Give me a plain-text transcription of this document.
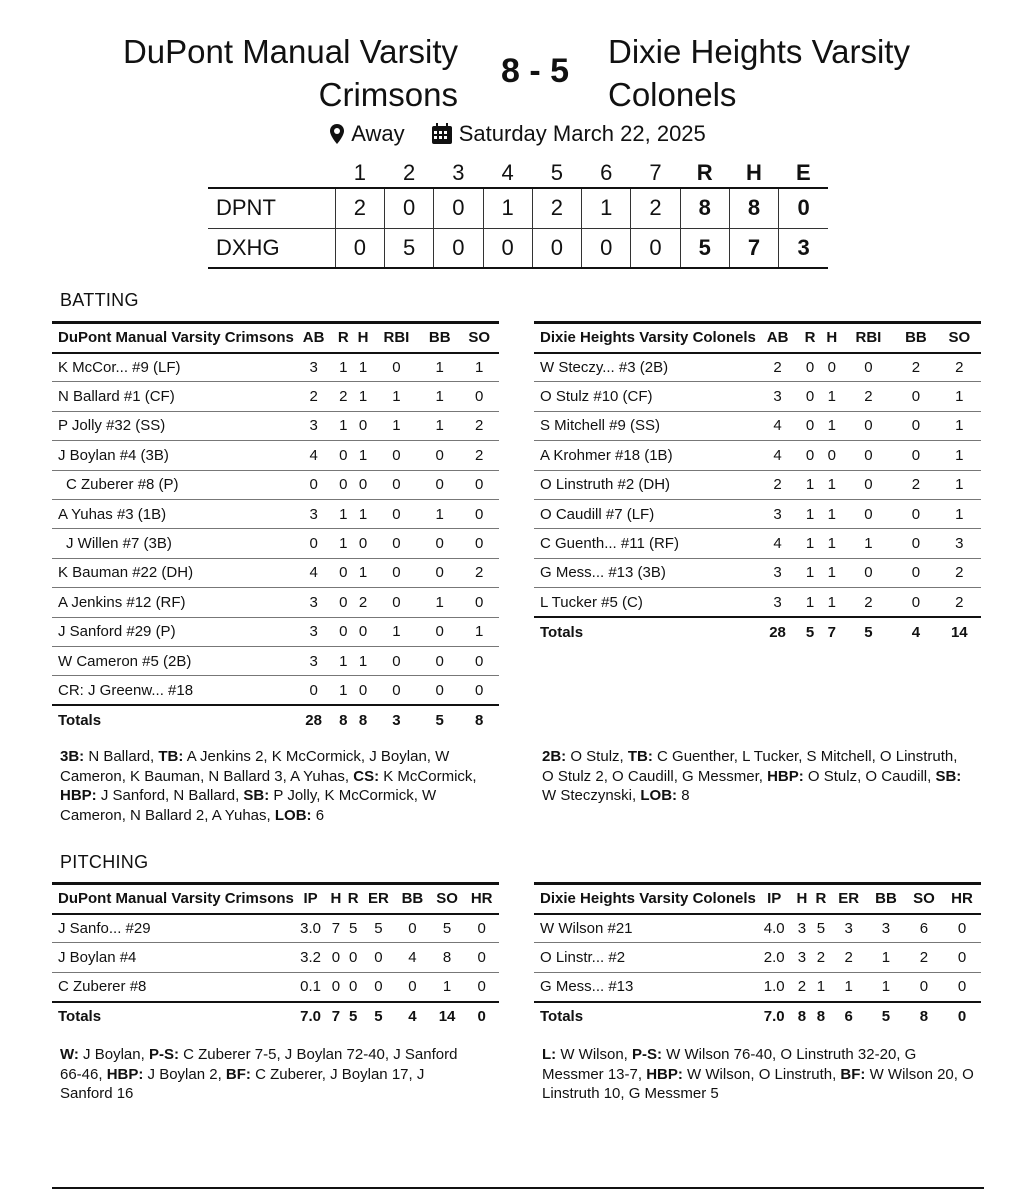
DuPont Manual Varsity
Crimsons
8 - 5
Dixie Heights Varsity
Colonels
Away
Saturday March 22, 2025
	1	2	3	4	5	6	7	R	H	E
DPNT	2	0	0	1	2	1	2	8	8	0
DXHG	0	5	0	0	0	0	0	5	7	3
BATTING
DuPont Manual Varsity Crimsons	AB	R	H	RBI	BB	SO
K McCor... #9 (LF)	3	1	1	0	1	1
N Ballard #1 (CF)	2	2	1	1	1	0
P Jolly #32 (SS)	3	1	0	1	1	2
J Boylan #4 (3B)	4	0	1	0	0	2
C Zuberer #8 (P)	0	0	0	0	0	0
A Yuhas #3 (1B)	3	1	1	0	1	0
J Willen #7 (3B)	0	1	0	0	0	0
K Bauman #22 (DH)	4	0	1	0	0	2
A Jenkins #12 (RF)	3	0	2	0	1	0
J Sanford #29 (P)	3	0	0	1	0	1
W Cameron #5 (2B)	3	1	1	0	0	0
CR: J Greenw... #18	0	1	0	0	0	0
Totals	28	8	8	3	5	8
Dixie Heights Varsity Colonels	AB	R	H	RBI	BB	SO
W Steczy... #3 (2B)	2	0	0	0	2	2
O Stulz #10 (CF)	3	0	1	2	0	1
S Mitchell #9 (SS)	4	0	1	0	0	1
A Krohmer #18 (1B)	4	0	0	0	0	1
O Linstruth #2 (DH)	2	1	1	0	2	1
O Caudill #7 (LF)	3	1	1	0	0	1
C Guenth... #11 (RF)	4	1	1	1	0	3
G Mess... #13 (3B)	3	1	1	0	0	2
L Tucker #5 (C)	3	1	1	2	0	2
Totals	28	5	7	5	4	14
3B: N Ballard, TB: A Jenkins 2, K McCormick, J Boylan, W Cameron, K Bauman, N Ballard 3, A Yuhas, CS: K McCormick, HBP: J Sanford, N Ballard, SB: P Jolly, K McCormick, W Cameron, N Ballard 2, A Yuhas, LOB: 6
2B: O Stulz, TB: C Guenther, L Tucker, S Mitchell, O Linstruth, O Stulz 2, O Caudill, G Messmer, HBP: O Stulz, O Caudill, SB: W Steczynski, LOB: 8
PITCHING
DuPont Manual Varsity Crimsons	IP	H	R	ER	BB	SO	HR
J Sanfo... #29	3.0	7	5	5	0	5	0
J Boylan #4	3.2	0	0	0	4	8	0
C Zuberer #8	0.1	0	0	0	0	1	0
Totals	7.0	7	5	5	4	14	0
Dixie Heights Varsity Colonels	IP	H	R	ER	BB	SO	HR
W Wilson #21	4.0	3	5	3	3	6	0
O Linstr... #2	2.0	3	2	2	1	2	0
G Mess... #13	1.0	2	1	1	1	0	0
Totals	7.0	8	8	6	5	8	0
W: J Boylan, P-S: C Zuberer 7-5, J Boylan 72-40, J Sanford 66-46, HBP: J Boylan 2, BF: C Zuberer, J Boylan 17, J Sanford 16
L: W Wilson, P-S: W Wilson 76-40, O Linstruth 32-20, G Messmer 13-7, HBP: W Wilson, O Linstruth, BF: W Wilson 20, O Linstruth 10, G Messmer 5
